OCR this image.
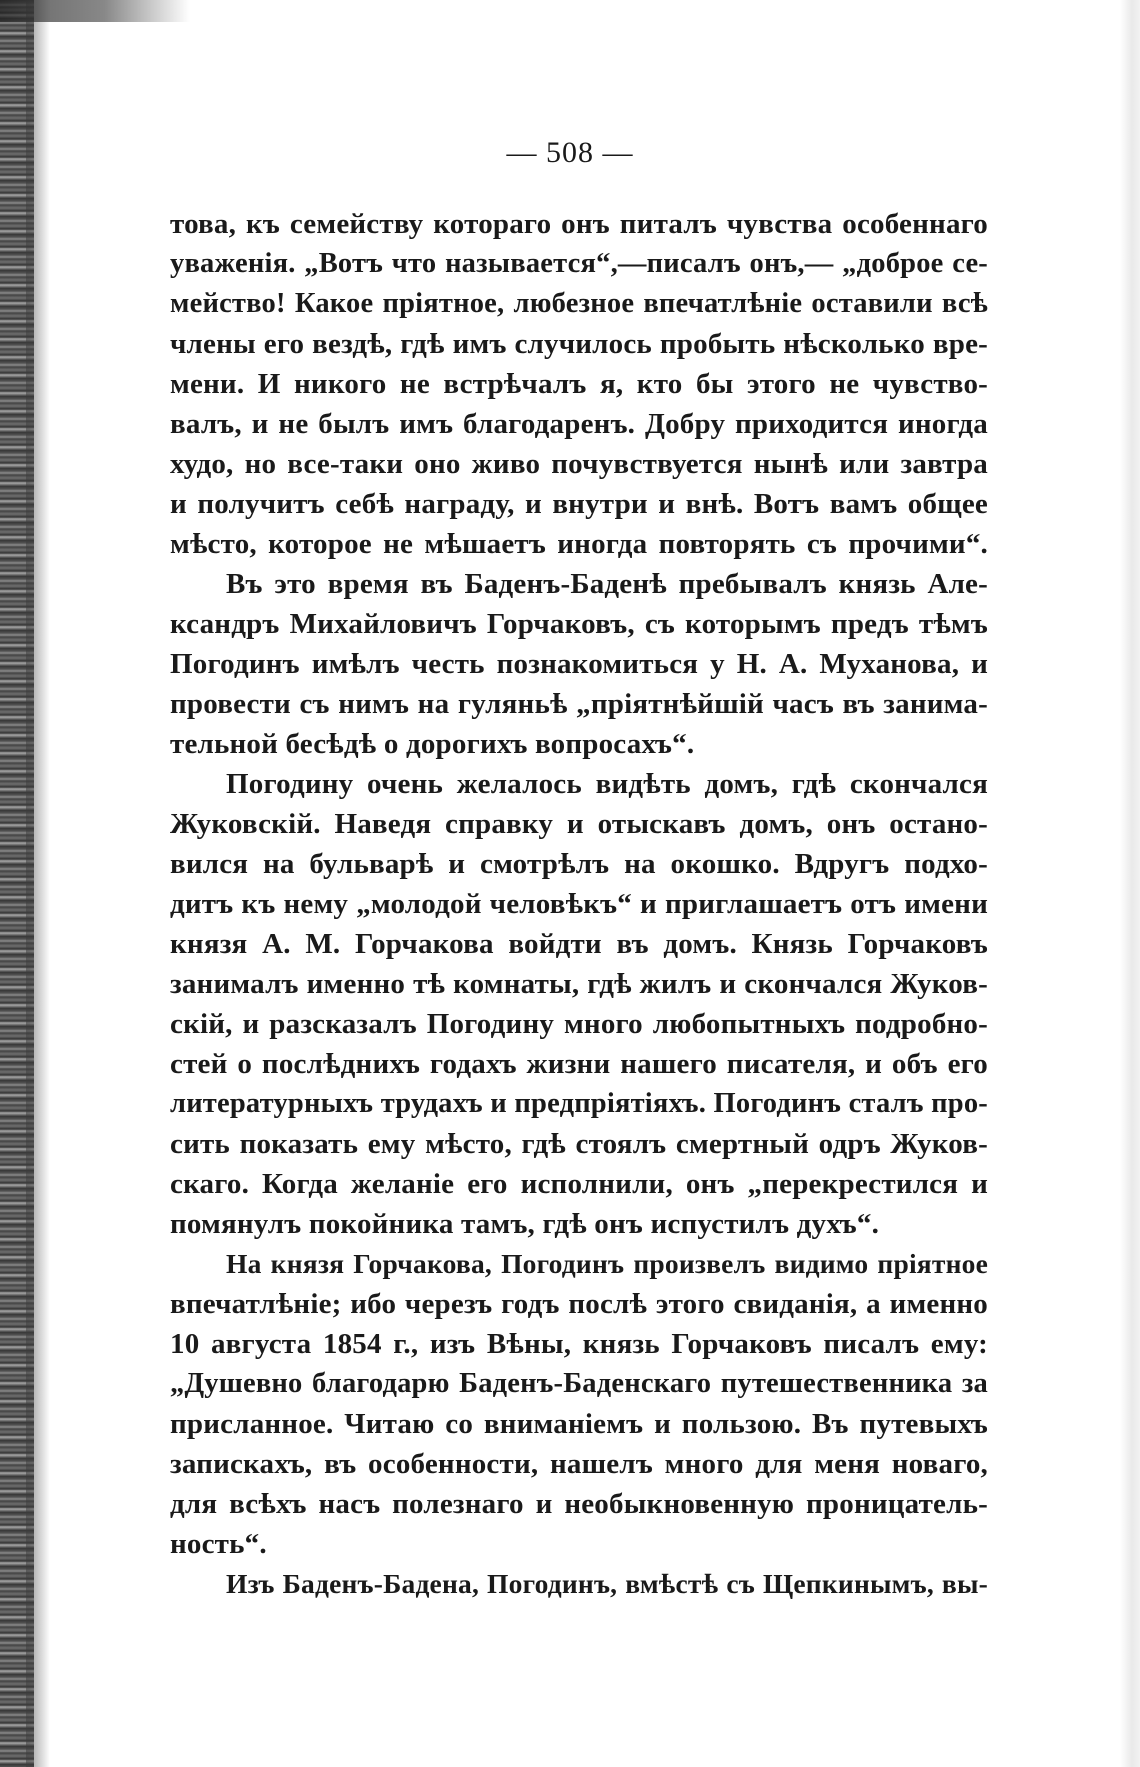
— 508 —
това, къ семейству котораго онъ питалъ чувства особеннаго
уваженія. „Вотъ что называется“,—писалъ онъ,— „доброе се-
мейство! Какое пріятное, любезное впечатлѣніе оставили всѣ
члены его вездѣ, гдѣ имъ случилось пробыть нѣсколько вре-
мени. И никого не встрѣчалъ я, кто бы этого не чувство-
валъ, и не былъ имъ благодаренъ. Добру приходится иногда
худо, но все-таки оно живо почувствуется нынѣ или завтра
и получитъ себѣ награду, и внутри и внѣ. Вотъ вамъ общее
мѣсто, которое не мѣшаетъ иногда повторять съ прочими“.
Въ это время въ Баденъ-Баденѣ пребывалъ князь Але-
ксандръ Михайловичъ Горчаковъ, съ которымъ предъ тѣмъ
Погодинъ имѣлъ честь познакомиться у Н. А. Муханова, и
провести съ нимъ на гуляньѣ „пріятнѣйшій часъ въ занима-
тельной бесѣдѣ о дорогихъ вопросахъ“.
Погодину очень желалось видѣть домъ, гдѣ скончался
Жуковскій. Наведя справку и отыскавъ домъ, онъ остано-
вился на бульварѣ и смотрѣлъ на окошко. Вдругъ подхо-
дитъ къ нему „молодой человѣкъ“ и приглашаетъ отъ имени
князя А. М. Горчакова войдти въ домъ. Князь Горчаковъ
занималъ именно тѣ комнаты, гдѣ жилъ и скончался Жуков-
скій, и разсказалъ Погодину много любопытныхъ подробно-
стей о послѣднихъ годахъ жизни нашего писателя, и объ его
литературныхъ трудахъ и предпріятіяхъ. Погодинъ сталъ про-
сить показать ему мѣсто, гдѣ стоялъ смертный одръ Жуков-
скаго. Когда желаніе его исполнили, онъ „перекрестился и
помянулъ покойника тамъ, гдѣ онъ испустилъ духъ“.
На князя Горчакова, Погодинъ произвелъ видимо пріятное
впечатлѣніе; ибо черезъ годъ послѣ этого свиданія, а именно
10 августа 1854 г., изъ Вѣны, князь Горчаковъ писалъ ему:
„Душевно благодарю Баденъ-Баденскаго путешественника за
присланное. Читаю со вниманіемъ и пользою. Въ путевыхъ
запискахъ, въ особенности, нашелъ много для меня новаго,
для всѣхъ насъ полезнаго и необыкновенную проницатель-
ность“.
Изъ Баденъ-Бадена, Погодинъ, вмѣстѣ съ Щепкинымъ, вы-
